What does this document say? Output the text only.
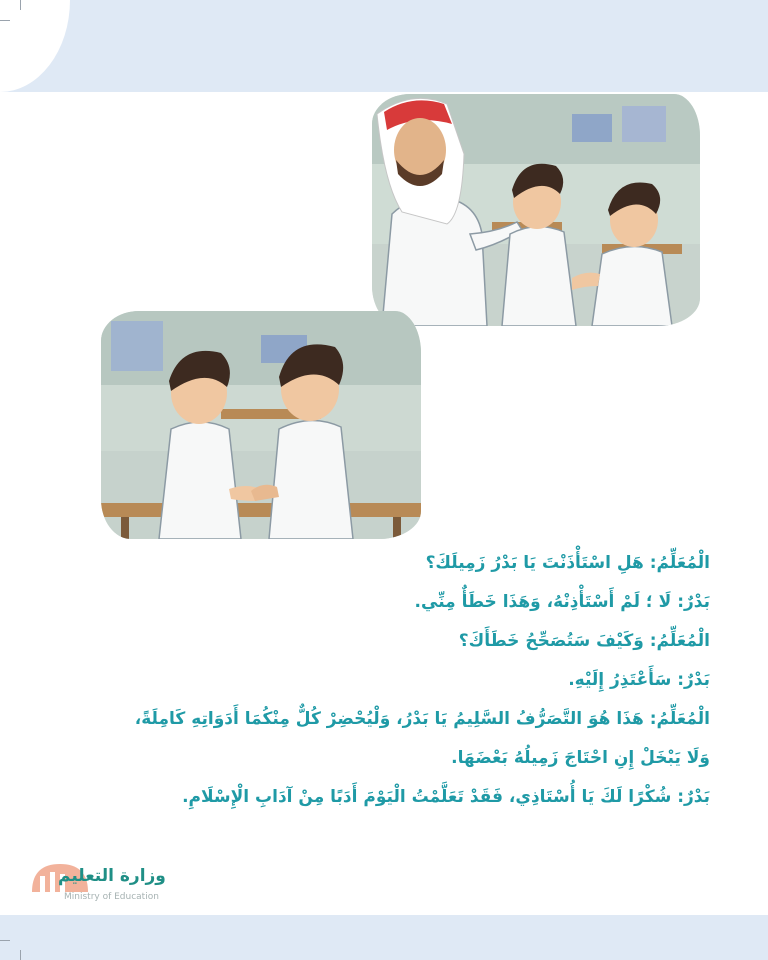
الْمُعَلِّمُ: هَلِ اسْتَأْذَنْتَ يَا بَدْرُ زَمِيلَكَ؟
بَدْرٌ: لَا ؛ لَمْ أَسْتَأْذِنْهُ، وَهَذَا خَطَأٌ مِنِّي.
الْمُعَلِّمُ: وَكَيْفَ سَتُصَحِّحُ خَطَأَكَ؟
بَدْرٌ: سَأَعْتَذِرُ إِلَيْهِ.
الْمُعَلِّمُ: هَذَا هُوَ التَّصَرُّفُ السَّلِيمُ يَا بَدْرُ، وَلْيُحْضِرْ كُلٌّ مِنْكُمَا أَدَوَاتِهِ كَامِلَةً،
وَلَا يَبْخَلْ إِنِ احْتَاجَ زَمِيلُهُ بَعْضَهَا.
بَدْرٌ: شُكْرًا لَكَ يَا أُسْتَاذِي، فَقَدْ تَعَلَّمْتُ الْيَوْمَ أَدَبًا مِنْ آدَابِ الْإِسْلَامِ.
وزارة التعليم
Ministry of Education
